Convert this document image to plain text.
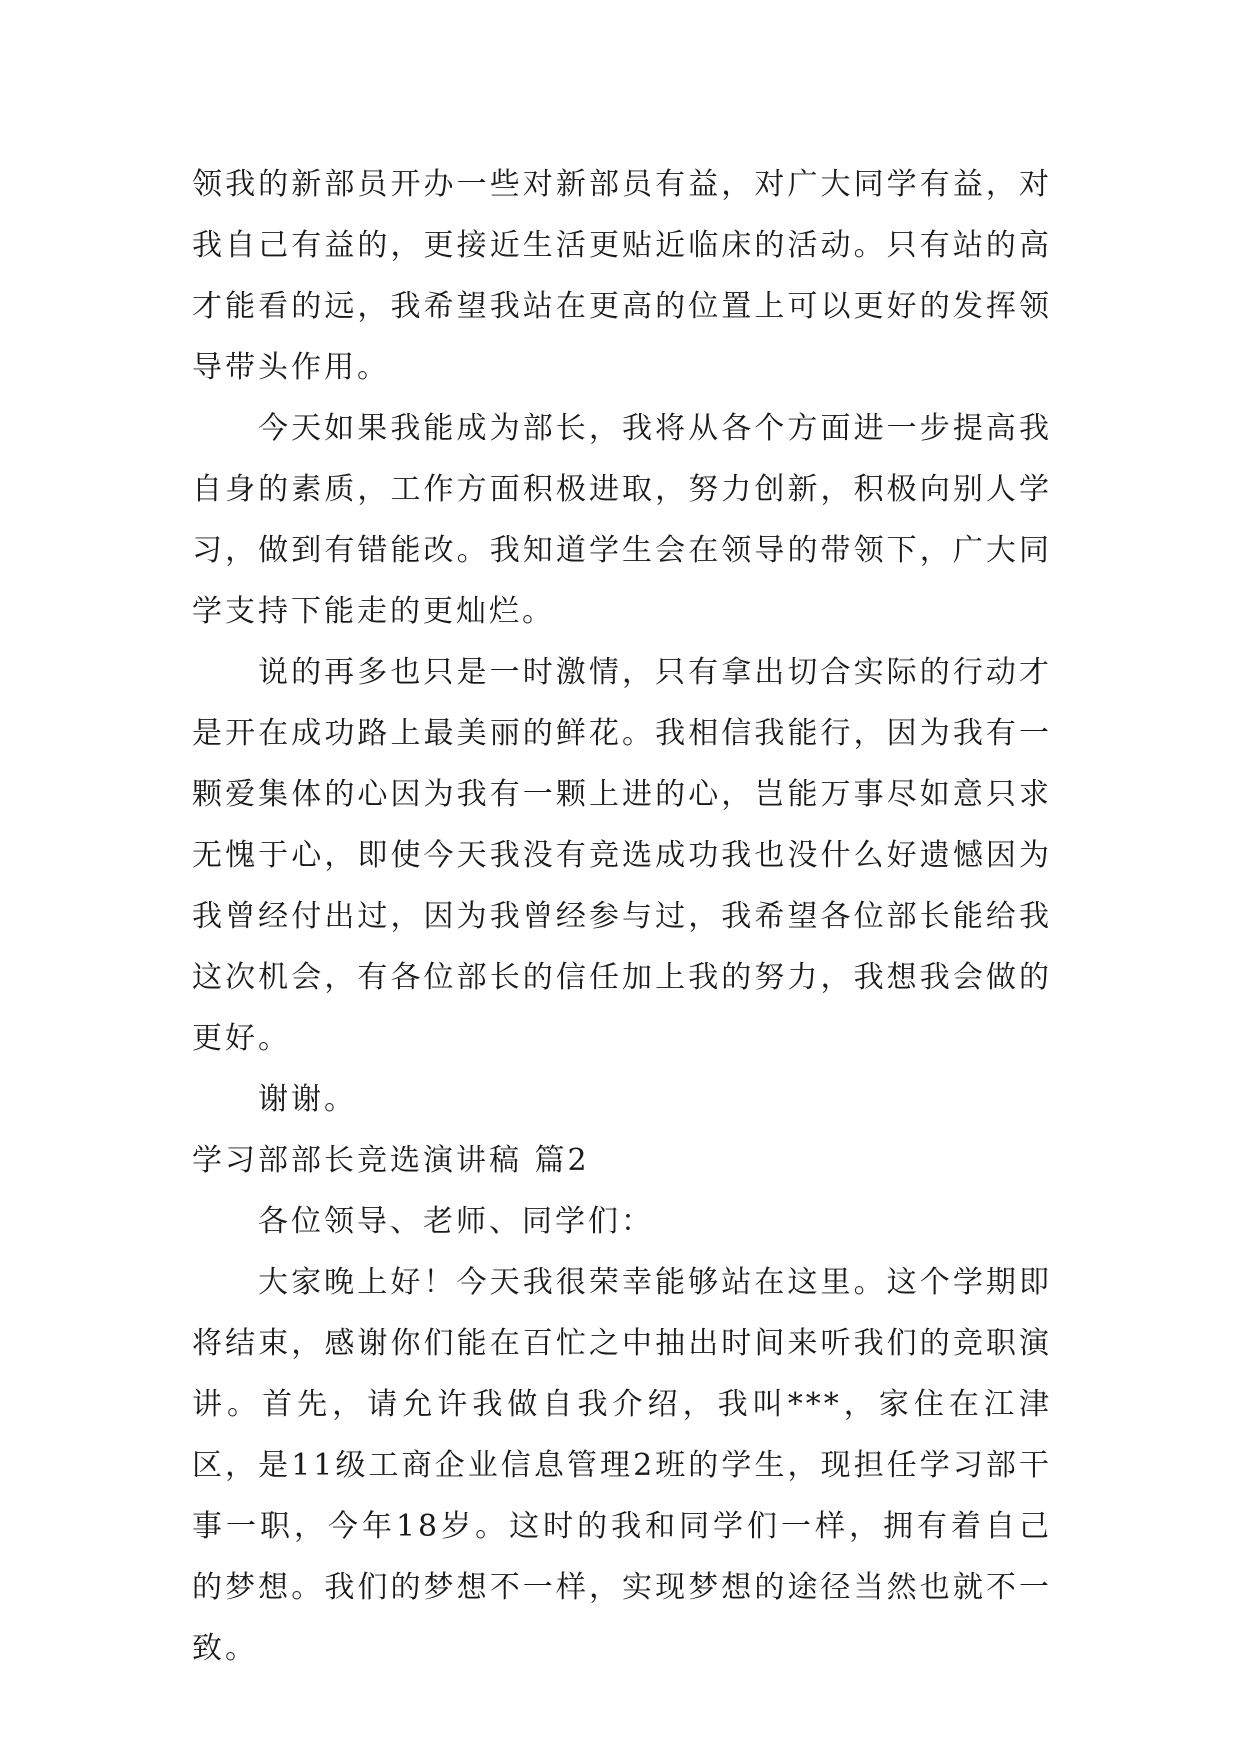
领我的新部员开办一些对新部员有益，对广大同学有益，对我自己有益的，更接近生活更贴近临床的活动。只有站的高才能看的远，我希望我站在更高的位置上可以更好的发挥领导带头作用。

今天如果我能成为部长，我将从各个方面进一步提高我自身的素质，工作方面积极进取，努力创新，积极向别人学习，做到有错能改。我知道学生会在领导的带领下，广大同学支持下能走的更灿烂。

说的再多也只是一时激情，只有拿出切合实际的行动才是开在成功路上最美丽的鲜花。我相信我能行，因为我有一颗爱集体的心因为我有一颗上进的心，岂能万事尽如意只求无愧于心，即使今天我没有竞选成功我也没什么好遗憾因为我曾经付出过，因为我曾经参与过，我希望各位部长能给我这次机会，有各位部长的信任加上我的努力，我想我会做的更好。

谢谢。

学习部部长竞选演讲稿 篇2

各位领导、老师、同学们：

大家晚上好！今天我很荣幸能够站在这里。这个学期即将结束，感谢你们能在百忙之中抽出时间来听我们的竞职演讲。首先，请允许我做自我介绍，我叫***，家住在江津区，是11级工商企业信息管理2班的学生，现担任学习部干事一职，今年18岁。这时的我和同学们一样，拥有着自己的梦想。我们的梦想不一样，实现梦想的途径当然也就不一致。
